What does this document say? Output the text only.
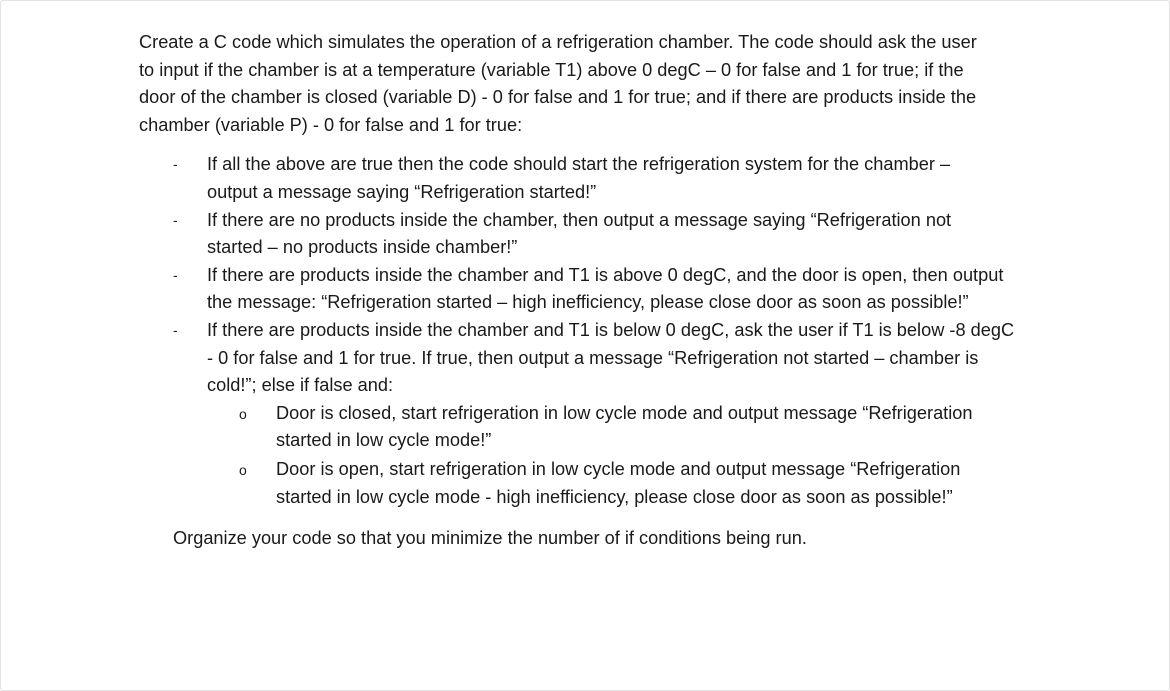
Create a C code which simulates the operation of a refrigeration chamber. The code should ask the user

to input if the chamber is at a temperature (variable T1) above 0 degC – 0 for false and 1 for true; if the

door of the chamber is closed (variable D) - 0 for false and 1 for true; and if there are products inside the

chamber (variable P) - 0 for false and 1 for true:

- If all the above are true then the code should start the refrigeration system for the chamber –
output a message saying “Refrigeration started!”
- If there are no products inside the chamber, then output a message saying “Refrigeration not
started – no products inside chamber!”
- If there are products inside the chamber and T1 is above 0 degC, and the door is open, then output
the message: “Refrigeration started – high inefficiency, please close door as soon as possible!”
- If there are products inside the chamber and T1 is below 0 degC, ask the user if T1 is below -8 degC
- 0 for false and 1 for true. If true, then output a message “Refrigeration not started – chamber is
cold!”; else if false and:
o Door is closed, start refrigeration in low cycle mode and output message “Refrigeration
started in low cycle mode!”
o Door is open, start refrigeration in low cycle mode and output message “Refrigeration
started in low cycle mode - high inefficiency, please close door as soon as possible!”

Organize your code so that you minimize the number of if conditions being run.
